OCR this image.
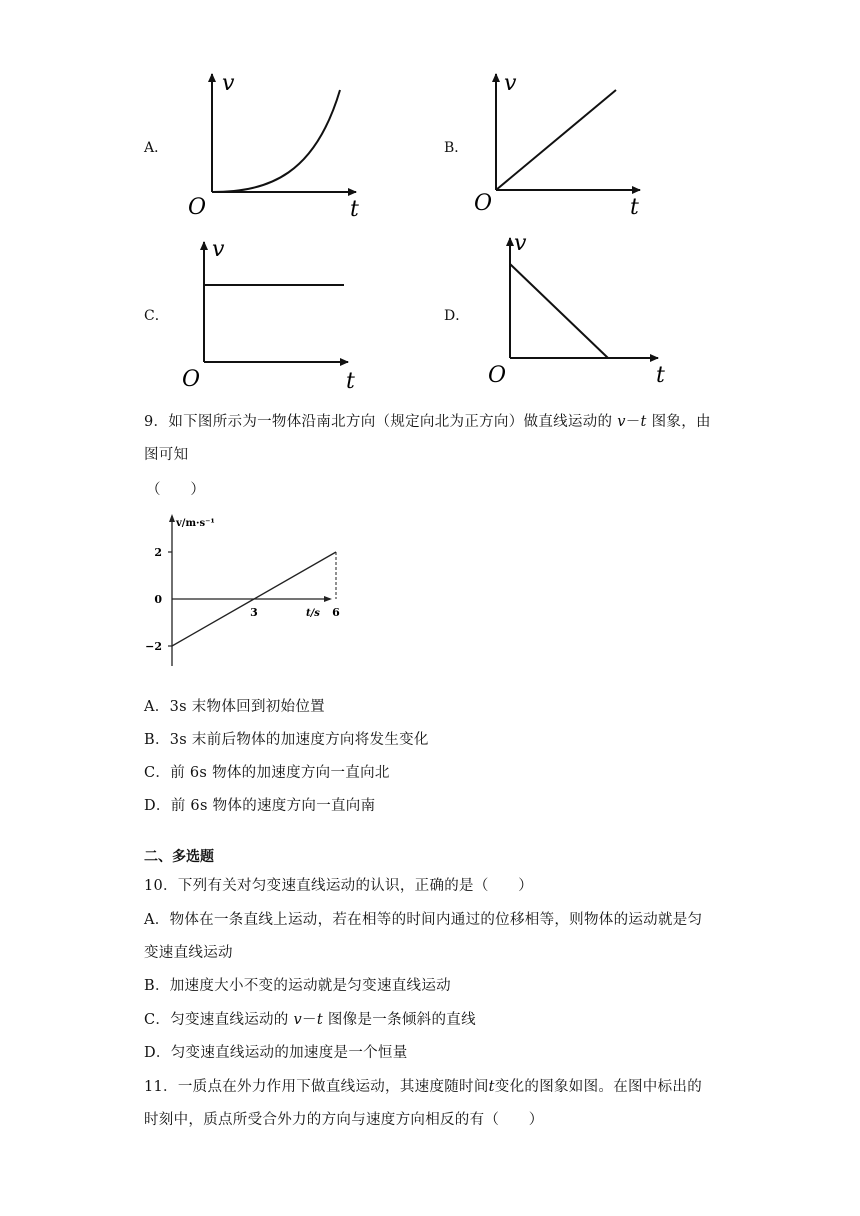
A．
v
t
O
B．
v
t
O
C．
v
t
O
D．
v
t
O
9．如下图所示为一物体沿南北方向（规定向北为正方向）做直线运动的 v－t 图象，由
图可知
（　　）
v/m·s⁻¹
t/s
2
0
−2
3	6
A．3s 末物体回到初始位置
B．3s 末前后物体的加速度方向将发生变化
C．前 6s 物体的加速度方向一直向北
D．前 6s 物体的速度方向一直向南
二、多选题
10．下列有关对匀变速直线运动的认识，正确的是（　　）
A．物体在一条直线上运动，若在相等的时间内通过的位移相等，则物体的运动就是匀
变速直线运动
B．加速度大小不变的运动就是匀变速直线运动
C．匀变速直线运动的 v－t 图像是一条倾斜的直线
D．匀变速直线运动的加速度是一个恒量
11．一质点在外力作用下做直线运动，其速度随时间t变化的图象如图。在图中标出的
时刻中，质点所受合外力的方向与速度方向相反的有（　　）
